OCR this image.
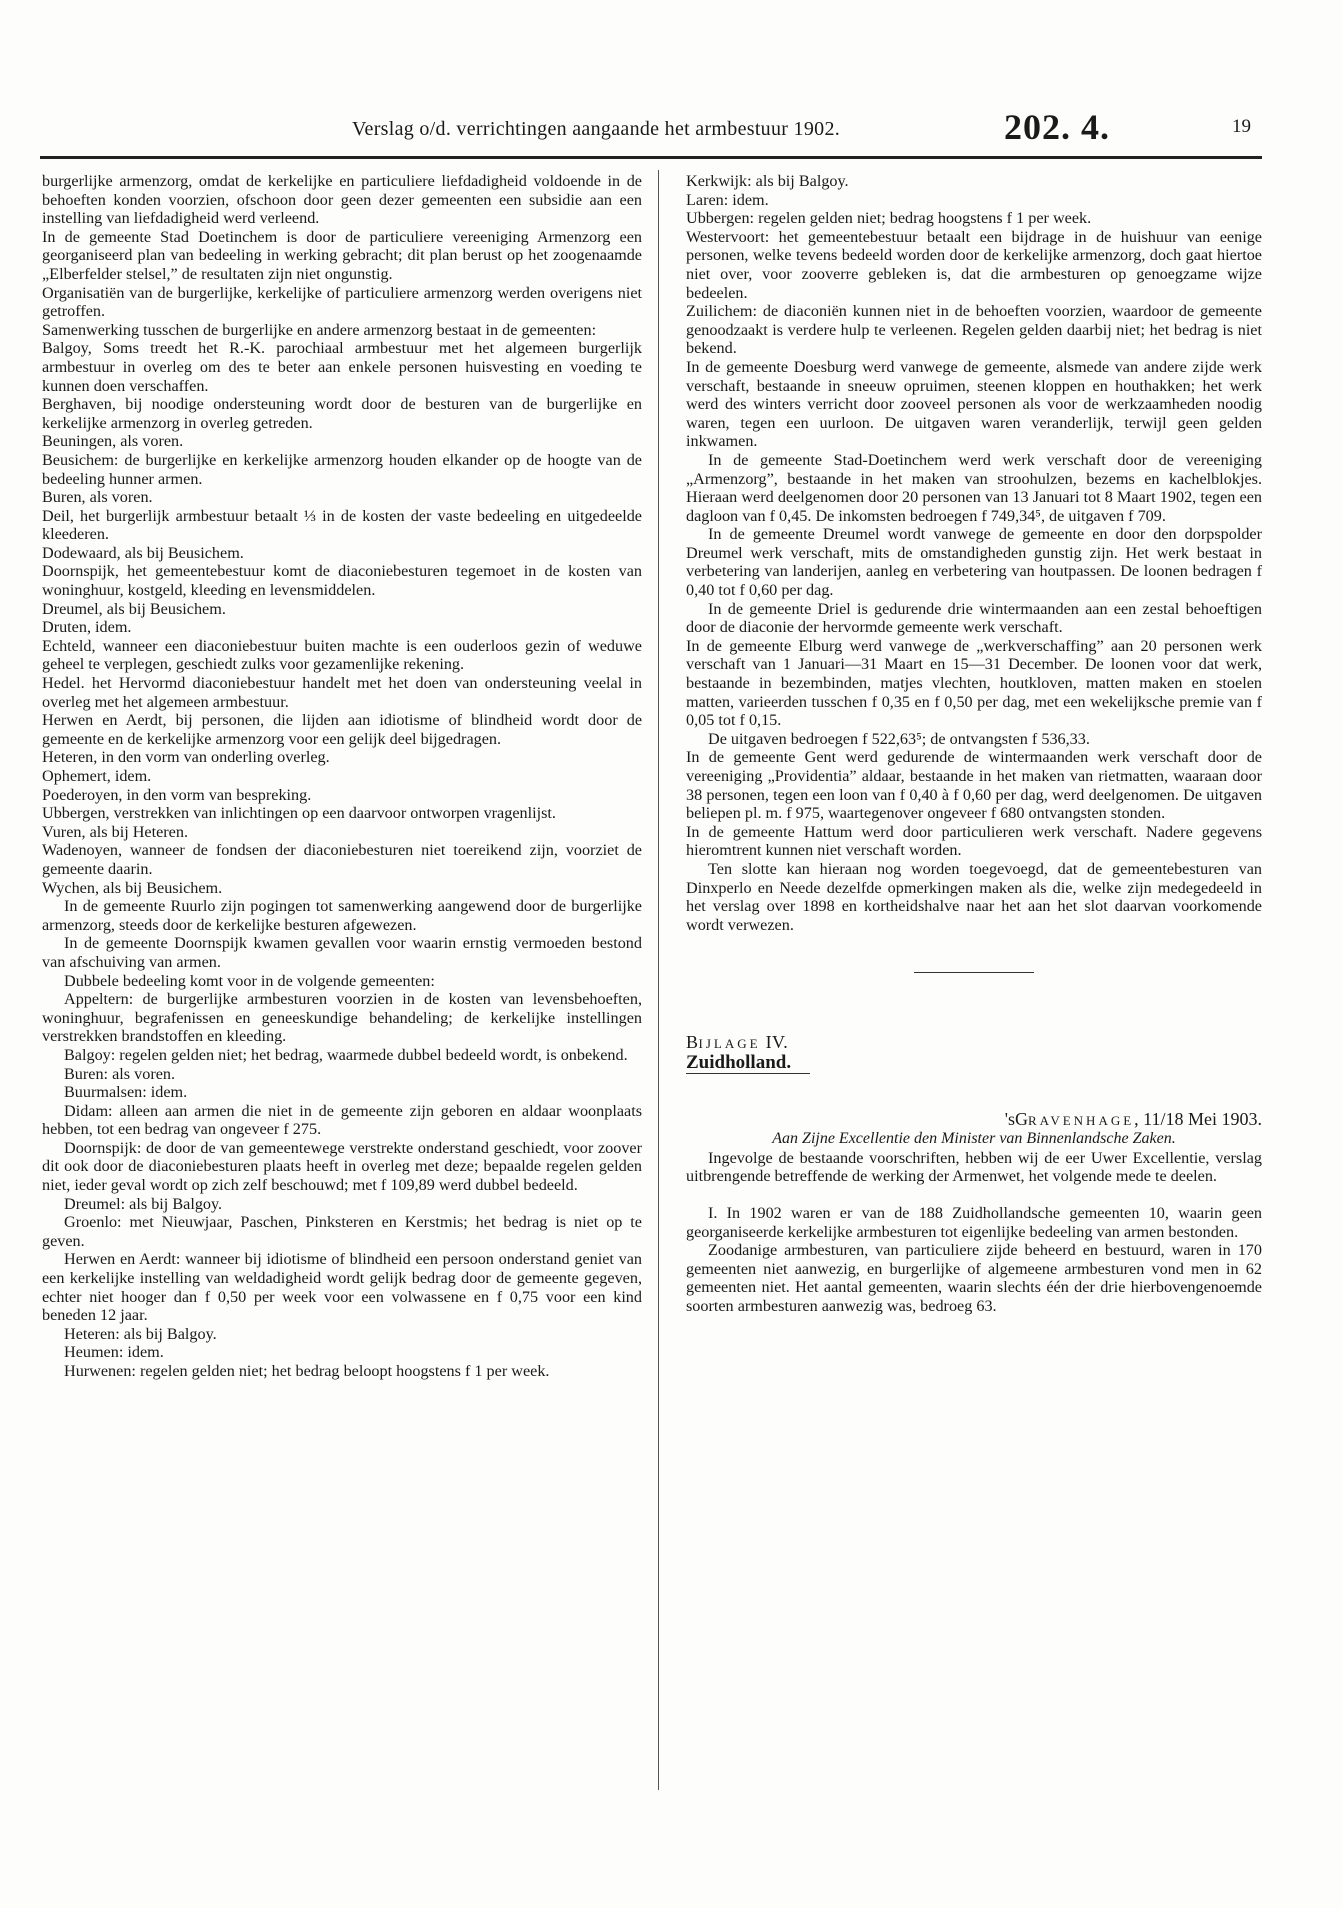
Verslag o/d. verrichtingen aangaande het armbestuur 1902.	202. 4.	19

burgerlijke armenzorg, omdat de kerkelijke en particuliere liefdadigheid voldoende in de behoeften konden voorzien, ofschoon door geen dezer gemeenten een subsidie aan een instelling van liefdadigheid werd verleend.

In de gemeente Stad Doetinchem is door de particuliere vereeniging Armenzorg een georganiseerd plan van bedeeling in werking gebracht; dit plan berust op het zoogenaamde „Elberfelder stelsel,” de resultaten zijn niet ongunstig.

Organisatiën van de burgerlijke, kerkelijke of particuliere armenzorg werden overigens niet getroffen.

Samenwerking tusschen de burgerlijke en andere armenzorg bestaat in de gemeenten:

Balgoy, Soms treedt het R.-K. parochiaal armbestuur met het algemeen burgerlijk armbestuur in overleg om des te beter aan enkele personen huisvesting en voeding te kunnen doen verschaffen.

Berghaven, bij noodige ondersteuning wordt door de besturen van de burgerlijke en kerkelijke armenzorg in overleg getreden.

Beuningen, als voren.

Beusichem: de burgerlijke en kerkelijke armenzorg houden elkander op de hoogte van de bedeeling hunner armen.

Buren, als voren.

Deil, het burgerlijk armbestuur betaalt ⅓ in de kosten der vaste bedeeling en uitgedeelde kleederen.

Dodewaard, als bij Beusichem.

Doornspijk, het gemeentebestuur komt de diaconiebesturen tegemoet in de kosten van woninghuur, kostgeld, kleeding en levensmiddelen.

Dreumel, als bij Beusichem.

Druten, idem.

Echteld, wanneer een diaconiebestuur buiten machte is een ouderloos gezin of weduwe geheel te verplegen, geschiedt zulks voor gezamenlijke rekening.

Hedel. het Hervormd diaconiebestuur handelt met het doen van ondersteuning veelal in overleg met het algemeen armbestuur.

Herwen en Aerdt, bij personen, die lijden aan idiotisme of blindheid wordt door de gemeente en de kerkelijke armenzorg voor een gelijk deel bijgedragen.

Heteren, in den vorm van onderling overleg.

Ophemert, idem.

Poederoyen, in den vorm van bespreking.

Ubbergen, verstrekken van inlichtingen op een daarvoor ontworpen vragenlijst.

Vuren, als bij Heteren.

Wadenoyen, wanneer de fondsen der diaconiebesturen niet toereikend zijn, voorziet de gemeente daarin.

Wychen, als bij Beusichem.

In de gemeente Ruurlo zijn pogingen tot samenwerking aangewend door de burgerlijke armenzorg, steeds door de kerkelijke besturen afgewezen.

In de gemeente Doornspijk kwamen gevallen voor waarin ernstig vermoeden bestond van afschuiving van armen.

Dubbele bedeeling komt voor in de volgende gemeenten:

Appeltern: de burgerlijke armbesturen voorzien in de kosten van levensbehoeften, woninghuur, begrafenissen en geneeskundige behandeling; de kerkelijke instellingen verstrekken brandstoffen en kleeding.

Balgoy: regelen gelden niet; het bedrag, waarmede dubbel bedeeld wordt, is onbekend.

Buren: als voren.

Buurmalsen: idem.

Didam: alleen aan armen die niet in de gemeente zijn geboren en aldaar woonplaats hebben, tot een bedrag van ongeveer f 275.

Doornspijk: de door de van gemeentewege verstrekte onderstand geschiedt, voor zoover dit ook door de diaconiebesturen plaats heeft in overleg met deze; bepaalde regelen gelden niet, ieder geval wordt op zich zelf beschouwd; met f 109,89 werd dubbel bedeeld.

Dreumel: als bij Balgoy.

Groenlo: met Nieuwjaar, Paschen, Pinksteren en Kerstmis; het bedrag is niet op te geven.

Herwen en Aerdt: wanneer bij idiotisme of blindheid een persoon onderstand geniet van een kerkelijke instelling van weldadigheid wordt gelijk bedrag door de gemeente gegeven, echter niet hooger dan f 0,50 per week voor een volwassene en f 0,75 voor een kind beneden 12 jaar.

Heteren: als bij Balgoy.

Heumen: idem.

Hurwenen: regelen gelden niet; het bedrag beloopt hoogstens f 1 per week.

Kerkwijk: als bij Balgoy.

Laren: idem.

Ubbergen: regelen gelden niet; bedrag hoogstens f 1 per week.

Westervoort: het gemeentebestuur betaalt een bijdrage in de huishuur van eenige personen, welke tevens bedeeld worden door de kerkelijke armenzorg, doch gaat hiertoe niet over, voor zooverre gebleken is, dat die armbesturen op genoegzame wijze bedeelen.

Zuilichem: de diaconiën kunnen niet in de behoeften voorzien, waardoor de gemeente genoodzaakt is verdere hulp te verleenen. Regelen gelden daarbij niet; het bedrag is niet bekend.

In de gemeente Doesburg werd vanwege de gemeente, alsmede van andere zijde werk verschaft, bestaande in sneeuw opruimen, steenen kloppen en houthakken; het werk werd des winters verricht door zooveel personen als voor de werkzaamheden noodig waren, tegen een uurloon. De uitgaven waren veranderlijk, terwijl geen gelden inkwamen.

In de gemeente Stad-Doetinchem werd werk verschaft door de vereeniging „Armenzorg”, bestaande in het maken van stroohulzen, bezems en kachelblokjes. Hieraan werd deelgenomen door 20 personen van 13 Januari tot 8 Maart 1902, tegen een dagloon van f 0,45. De inkomsten bedroegen f 749,34⁵, de uitgaven f 709.

In de gemeente Dreumel wordt vanwege de gemeente en door den dorpspolder Dreumel werk verschaft, mits de omstandigheden gunstig zijn. Het werk bestaat in verbetering van landerijen, aanleg en verbetering van houtpassen. De loonen bedragen f 0,40 tot f 0,60 per dag.

In de gemeente Driel is gedurende drie wintermaanden aan een zestal behoeftigen door de diaconie der hervormde gemeente werk verschaft.

In de gemeente Elburg werd vanwege de „werkverschaffing” aan 20 personen werk verschaft van 1 Januari—31 Maart en 15—31 December. De loonen voor dat werk, bestaande in bezembinden, matjes vlechten, houtkloven, matten maken en stoelen matten, varieerden tusschen f 0,35 en f 0,50 per dag, met een wekelijksche premie van f 0,05 tot f 0,15.

De uitgaven bedroegen f 522,63⁵; de ontvangsten f 536,33.

In de gemeente Gent werd gedurende de wintermaanden werk verschaft door de vereeniging „Providentia” aldaar, bestaande in het maken van rietmatten, waaraan door 38 personen, tegen een loon van f 0,40 à f 0,60 per dag, werd deelgenomen. De uitgaven beliepen pl. m. f 975, waartegenover ongeveer f 680 ontvangsten stonden.

In de gemeente Hattum werd door particulieren werk verschaft. Nadere gegevens hieromtrent kunnen niet verschaft worden.

Ten slotte kan hieraan nog worden toegevoegd, dat de gemeentebesturen van Dinxperlo en Neede dezelfde opmerkingen maken als die, welke zijn medegedeeld in het verslag over 1898 en kortheidshalve naar het aan het slot daarvan voorkomende wordt verwezen.

BIJLAGE IV.

Zuidholland.

'sGRAVENHAGE, 11/18 Mei 1903.

Aan Zijne Excellentie den Minister van Binnenlandsche Zaken.

Ingevolge de bestaande voorschriften, hebben wij de eer Uwer Excellentie, verslag uitbrengende betreffende de werking der Armenwet, het volgende mede te deelen.

I. In 1902 waren er van de 188 Zuidhollandsche gemeenten 10, waarin geen georganiseerde kerkelijke armbesturen tot eigenlijke bedeeling van armen bestonden.

Zoodanige armbesturen, van particuliere zijde beheerd en bestuurd, waren in 170 gemeenten niet aanwezig, en burgerlijke of algemeene armbesturen vond men in 62 gemeenten niet. Het aantal gemeenten, waarin slechts één der drie hierbovengenoemde soorten armbesturen aanwezig was, bedroeg 63.
